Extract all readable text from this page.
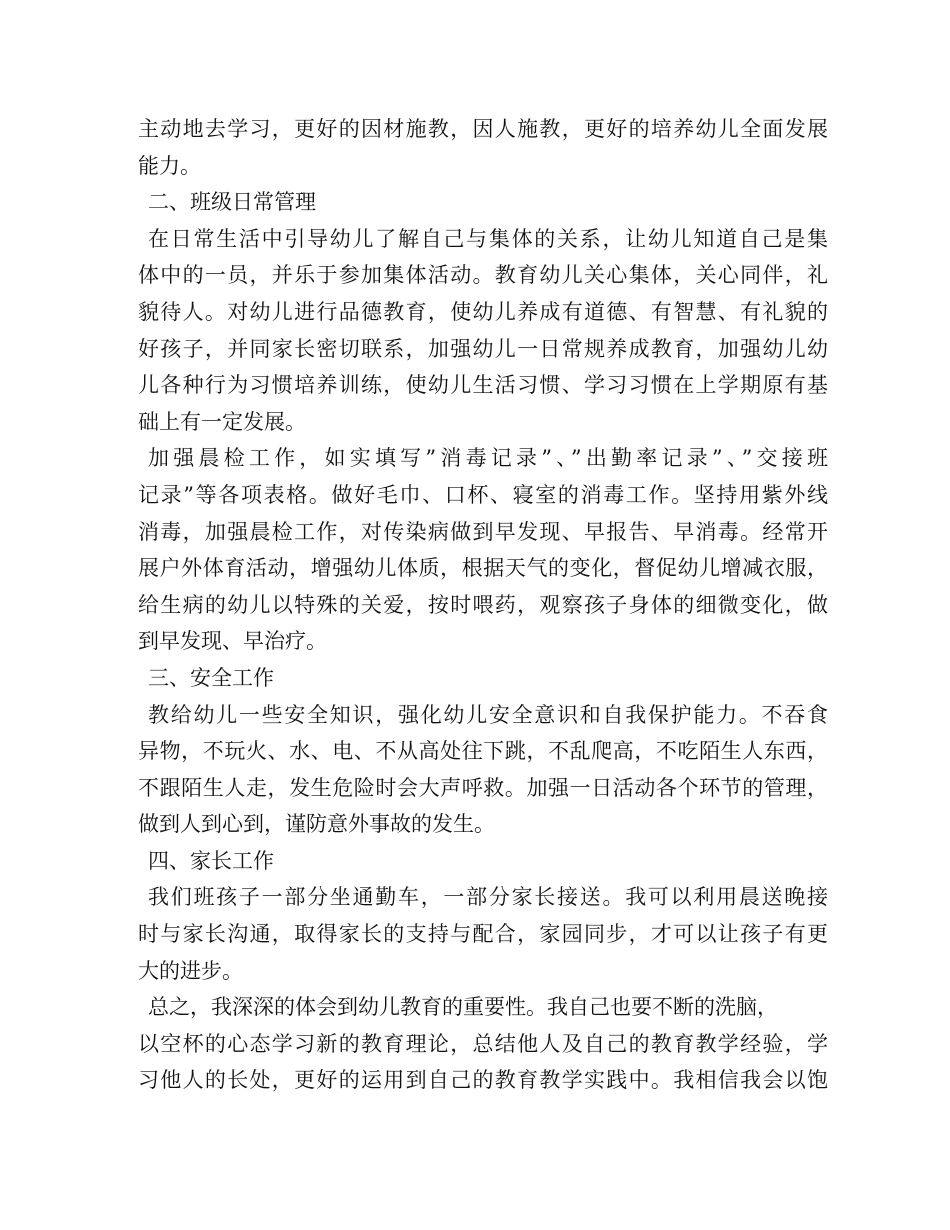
主动地去学习，更好的因材施教，因人施教，更好的培养幼儿全面发展
能力。
二、班级日常管理
在日常生活中引导幼儿了解自己与集体的关系，让幼儿知道自己是集
体中的一员，并乐于参加集体活动。教育幼儿关心集体，关心同伴，礼
貌待人。对幼儿进行品德教育，使幼儿养成有道德、有智慧、有礼貌的
好孩子，并同家长密切联系，加强幼儿一日常规养成教育，加强幼儿幼
儿各种行为习惯培养训练，使幼儿生活习惯、学习习惯在上学期原有基
础上有一定发展。
加强晨检工作，如实填写”消毒记录”、”出勤率记录”、”交接班
记录”等各项表格。做好毛巾、口杯、寝室的消毒工作。坚持用紫外线
消毒，加强晨检工作，对传染病做到早发现、早报告、早消毒。经常开
展户外体育活动，增强幼儿体质，根据天气的变化，督促幼儿增减衣服，
给生病的幼儿以特殊的关爱，按时喂药，观察孩子身体的细微变化，做
到早发现、早治疗。
三、安全工作
教给幼儿一些安全知识，强化幼儿安全意识和自我保护能力。不吞食
异物，不玩火、水、电、不从高处往下跳，不乱爬高，不吃陌生人东西，
不跟陌生人走，发生危险时会大声呼救。加强一日活动各个环节的管理，
做到人到心到，谨防意外事故的发生。
四、家长工作
我们班孩子一部分坐通勤车，一部分家长接送。我可以利用晨送晚接
时与家长沟通，取得家长的支持与配合，家园同步，才可以让孩子有更
大的进步。
总之，我深深的体会到幼儿教育的重要性。我自己也要不断的洗脑，
以空杯的心态学习新的教育理论，总结他人及自己的教育教学经验，学
习他人的长处，更好的运用到自己的教育教学实践中。我相信我会以饱
